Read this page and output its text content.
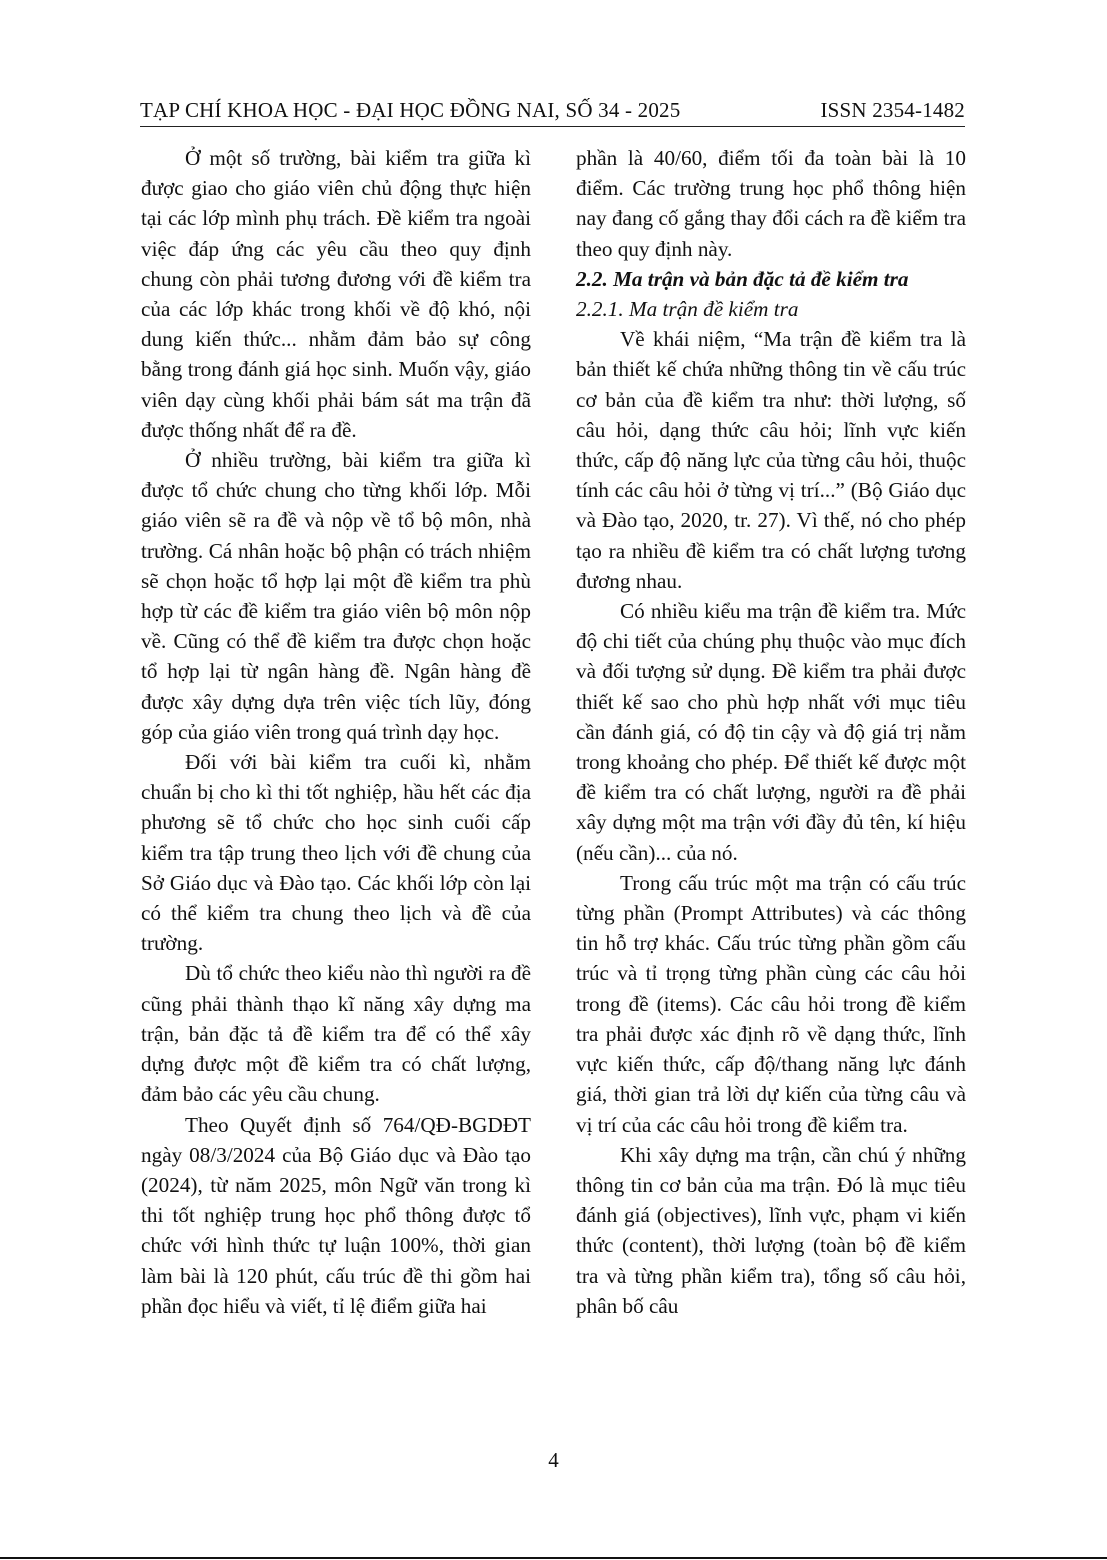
TẠP CHÍ KHOA HỌC - ĐẠI HỌC ĐỒNG NAI, SỐ 34 - 2025	ISSN 2354-1482

Ở một số trường, bài kiểm tra giữa kì được giao cho giáo viên chủ động thực hiện tại các lớp mình phụ trách. Đề kiểm tra ngoài việc đáp ứng các yêu cầu theo quy định chung còn phải tương đương với đề kiểm tra của các lớp khác trong khối về độ khó, nội dung kiến thức... nhằm đảm bảo sự công bằng trong đánh giá học sinh. Muốn vậy, giáo viên dạy cùng khối phải bám sát ma trận đã được thống nhất để ra đề.

Ở nhiều trường, bài kiểm tra giữa kì được tổ chức chung cho từng khối lớp. Mỗi giáo viên sẽ ra đề và nộp về tổ bộ môn, nhà trường. Cá nhân hoặc bộ phận có trách nhiệm sẽ chọn hoặc tổ hợp lại một đề kiểm tra phù hợp từ các đề kiểm tra giáo viên bộ môn nộp về. Cũng có thể đề kiểm tra được chọn hoặc tổ hợp lại từ ngân hàng đề. Ngân hàng đề được xây dựng dựa trên việc tích lũy, đóng góp của giáo viên trong quá trình dạy học.

Đối với bài kiểm tra cuối kì, nhằm chuẩn bị cho kì thi tốt nghiệp, hầu hết các địa phương sẽ tổ chức cho học sinh cuối cấp kiểm tra tập trung theo lịch với đề chung của Sở Giáo dục và Đào tạo. Các khối lớp còn lại có thể kiểm tra chung theo lịch và đề của trường.

Dù tổ chức theo kiểu nào thì người ra đề cũng phải thành thạo kĩ năng xây dựng ma trận, bản đặc tả đề kiểm tra để có thể xây dựng được một đề kiểm tra có chất lượng, đảm bảo các yêu cầu chung.

Theo Quyết định số 764/QĐ-BGDĐT ngày 08/3/2024 của Bộ Giáo dục và Đào tạo (2024), từ năm 2025, môn Ngữ văn trong kì thi tốt nghiệp trung học phổ thông được tổ chức với hình thức tự luận 100%, thời gian làm bài là 120 phút, cấu trúc đề thi gồm hai phần đọc hiểu và viết, tỉ lệ điểm giữa hai

phần là 40/60, điểm tối đa toàn bài là 10 điểm. Các trường trung học phổ thông hiện nay đang cố gắng thay đổi cách ra đề kiểm tra theo quy định này.

2.2. Ma trận và bản đặc tả đề kiểm tra
2.2.1. Ma trận đề kiểm tra

Về khái niệm, “Ma trận đề kiểm tra là bản thiết kế chứa những thông tin về cấu trúc cơ bản của đề kiểm tra như: thời lượng, số câu hỏi, dạng thức câu hỏi; lĩnh vực kiến thức, cấp độ năng lực của từng câu hỏi, thuộc tính các câu hỏi ở từng vị trí...” (Bộ Giáo dục và Đào tạo, 2020, tr. 27). Vì thế, nó cho phép tạo ra nhiều đề kiểm tra có chất lượng tương đương nhau.

Có nhiều kiểu ma trận đề kiểm tra. Mức độ chi tiết của chúng phụ thuộc vào mục đích và đối tượng sử dụng. Đề kiểm tra phải được thiết kế sao cho phù hợp nhất với mục tiêu cần đánh giá, có độ tin cậy và độ giá trị nằm trong khoảng cho phép. Để thiết kế được một đề kiểm tra có chất lượng, người ra đề phải xây dựng một ma trận với đầy đủ tên, kí hiệu (nếu cần)... của nó.

Trong cấu trúc một ma trận có cấu trúc từng phần (Prompt Attributes) và các thông tin hỗ trợ khác. Cấu trúc từng phần gồm cấu trúc và tỉ trọng từng phần cùng các câu hỏi trong đề (items). Các câu hỏi trong đề kiểm tra phải được xác định rõ về dạng thức, lĩnh vực kiến thức, cấp độ/thang năng lực đánh giá, thời gian trả lời dự kiến của từng câu và vị trí của các câu hỏi trong đề kiểm tra.

Khi xây dựng ma trận, cần chú ý những thông tin cơ bản của ma trận. Đó là mục tiêu đánh giá (objectives), lĩnh vực, phạm vi kiến thức (content), thời lượng (toàn bộ đề kiểm tra và từng phần kiểm tra), tổng số câu hỏi, phân bố câu

4
